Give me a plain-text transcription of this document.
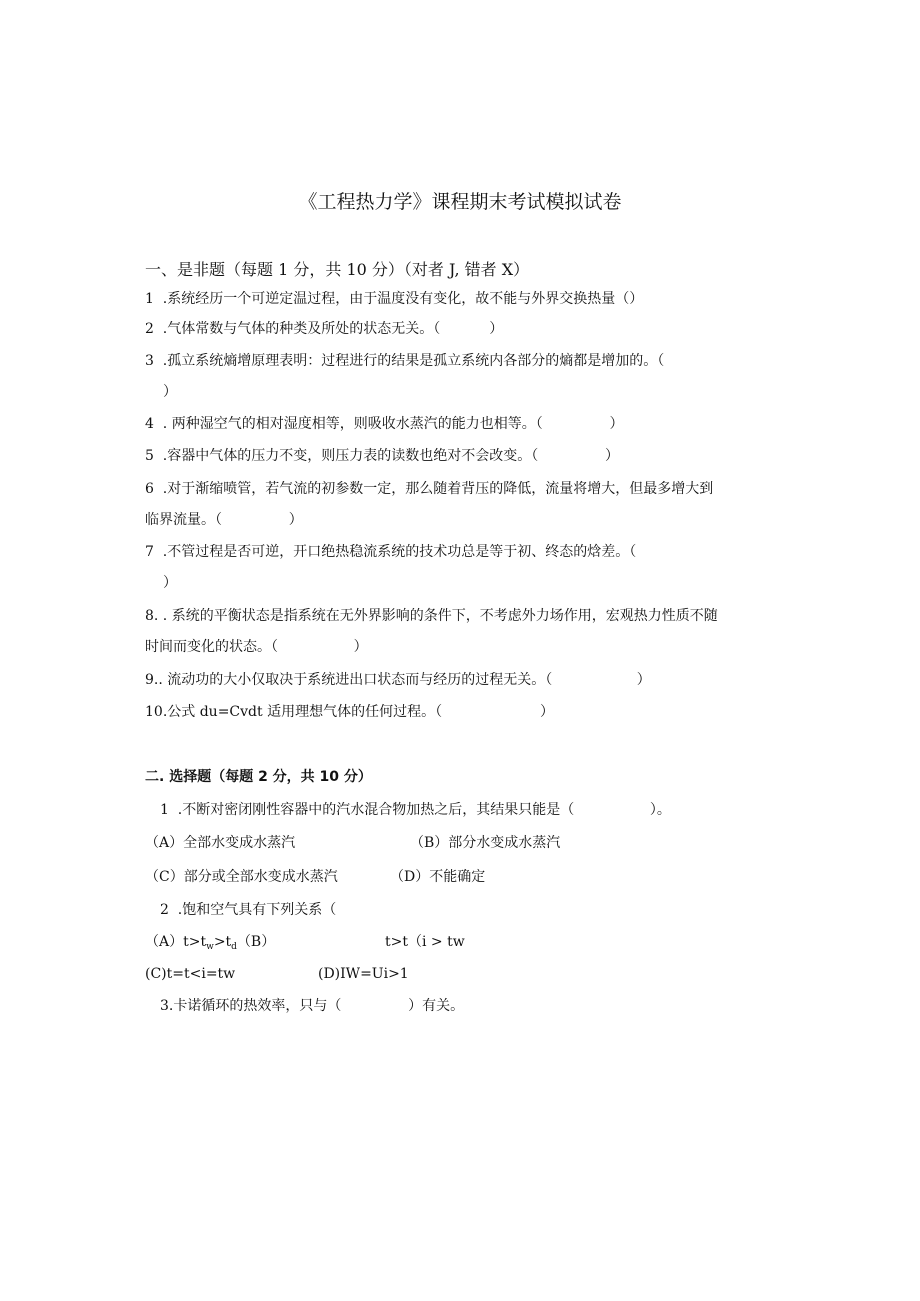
《工程热力学》课程期末考试模拟试卷

一、是非题（每题 1 分，共 10 分）（对者 J, 错者 X）

1  .系统经历一个可逆定温过程，由于温度没有变化，故不能与外界交换热量（）

2  .气体常数与气体的种类及所处的状态无关。（           ）

3  .孤立系统熵增原理表明：过程进行的结果是孤立系统内各部分的熵都是增加的。（

）

4  . 两种湿空气的相对湿度相等，则吸收水蒸汽的能力也相等。（               ）

5  .容器中气体的压力不变，则压力表的读数也绝对不会改变。（               ）

6  .对于渐缩喷管，若气流的初参数一定，那么随着背压的降低，流量将增大，但最多增大到

临界流量。（               ）

7  .不管过程是否可逆，开口绝热稳流系统的技术功总是等于初、终态的焓差。（

）

8. . 系统的平衡状态是指系统在无外界影响的条件下，不考虑外力场作用，宏观热力性质不随

时间而变化的状态。（                 ）

9.. 流动功的大小仅取决于系统进出口状态而与经历的过程无关。（                   ）

10.公式 du=Cvdt 适用理想气体的任何过程。（                      ）

二. 选择题（每题 2 分，共 10 分）

1  .不断对密闭刚性容器中的汽水混合物加热之后，其结果只能是（                 ）。

（A）全部水变成水蒸汽	（B）部分水变成水蒸汽

（C）部分或全部水变成水蒸汽	（D）不能确定

2  .饱和空气具有下列关系（

$(A)t>t_w>t_d(B)$	t>t（i > tw

(C)t=t<i=tw	(D)IW=Ui>1

3.卡诺循环的热效率，只与（               ）有关。
